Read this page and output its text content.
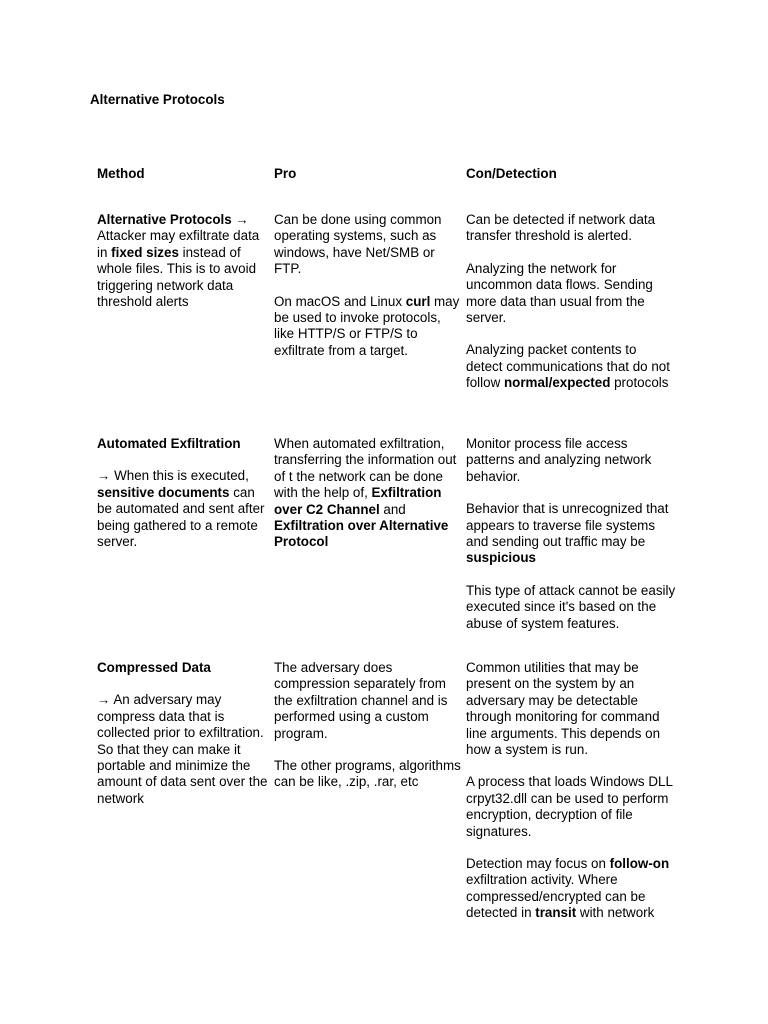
Alternative Protocols
Method	Pro	Con/Detection

Alternative Protocols → Attacker may exfiltrate data in fixed sizes instead of whole files. This is to avoid triggering network data threshold alerts

Can be done using common operating systems, such as windows, have Net/SMB or FTP.

On macOS and Linux curl may be used to invoke protocols, like HTTP/S or FTP/S to exfiltrate from a target.

Can be detected if network data transfer threshold is alerted.

Analyzing the network for uncommon data flows. Sending more data than usual from the server.

Analyzing packet contents to detect communications that do not follow normal/expected protocols

Automated Exfiltration

→ When this is executed, sensitive documents can be automated and sent after being gathered to a remote server.

When automated exfiltration, transferring the information out of t the network can be done with the help of, Exfiltration over C2 Channel and Exfiltration over Alternative Protocol

Monitor process file access patterns and analyzing network behavior.

Behavior that is unrecognized that appears to traverse file systems and sending out traffic may be suspicious

This type of attack cannot be easily executed since it's based on the abuse of system features.

Compressed Data

→ An adversary may compress data that is collected prior to exfiltration. So that they can make it portable and minimize the amount of data sent over the network

The adversary does compression separately from the exfiltration channel and is performed using a custom program.

The other programs, algorithms can be like, .zip, .rar, etc

Common utilities that may be present on the system by an adversary may be detectable through monitoring for command line arguments. This depends on how a system is run.

A process that loads Windows DLL crpyt32.dll can be used to perform encryption, decryption of file signatures.

Detection may focus on follow-on exfiltration activity. Where compressed/encrypted can be detected in transit with network
